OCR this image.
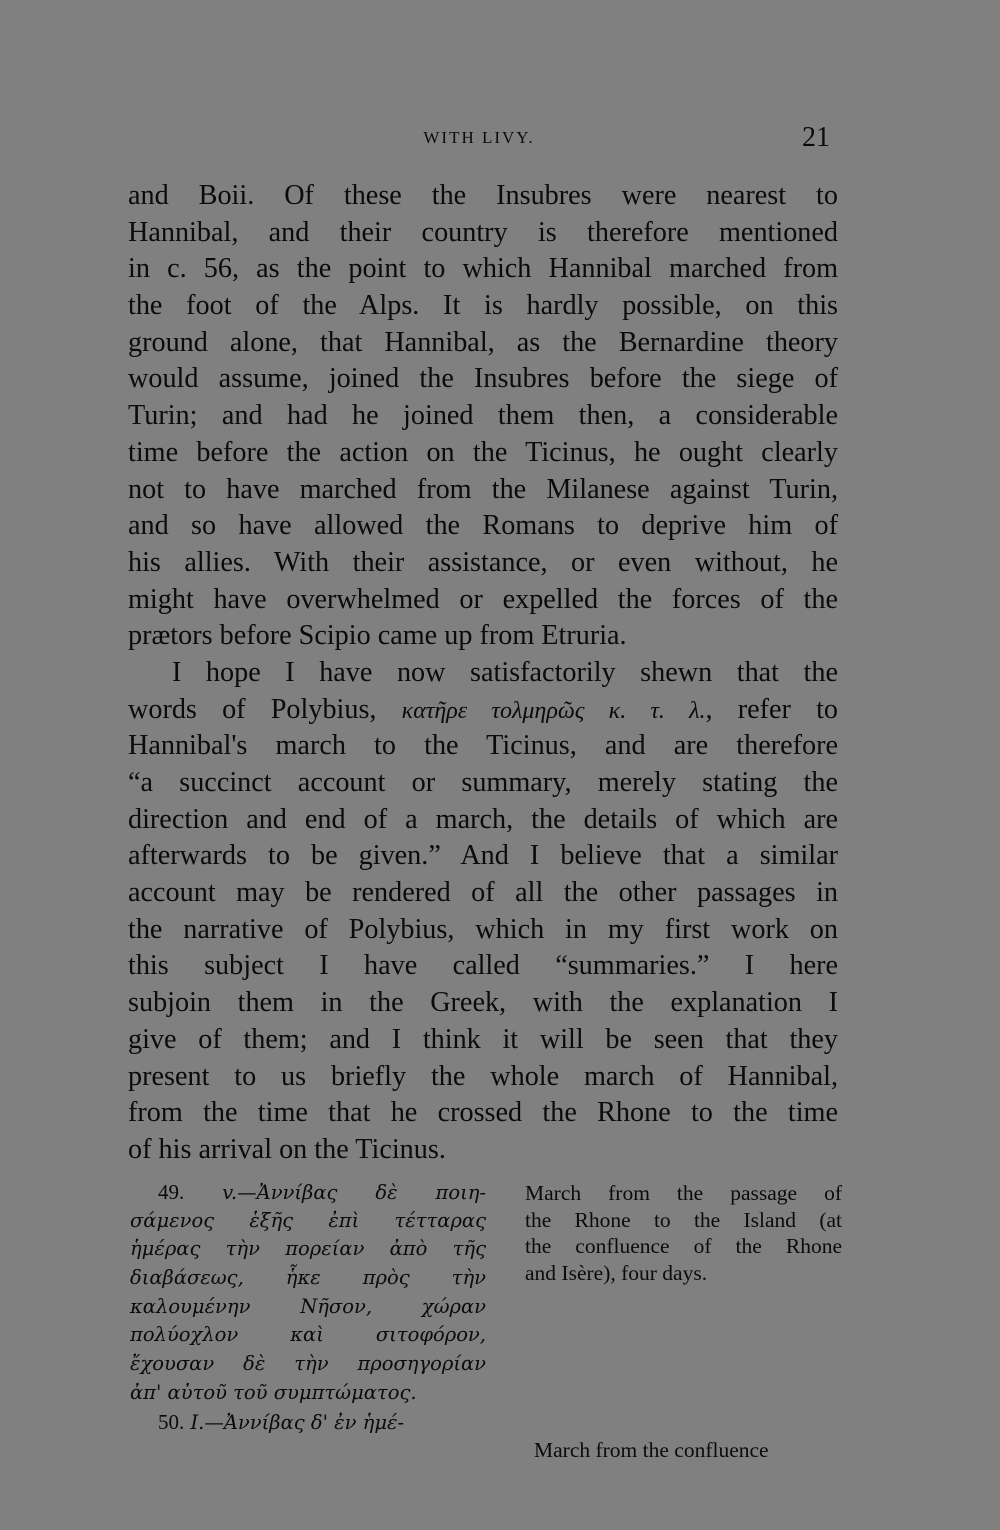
WITH LIVY.	21
and Boii. Of these the Insubres were nearest to
Hannibal, and their country is therefore mentioned
in c. 56, as the point to which Hannibal marched from
the foot of the Alps. It is hardly possible, on this
ground alone, that Hannibal, as the Bernardine theory
would assume, joined the Insubres before the siege of
Turin; and had he joined them then, a considerable
time before the action on the Ticinus, he ought clearly
not to have marched from the Milanese against Turin,
and so have allowed the Romans to deprive him of
his allies. With their assistance, or even without, he
might have overwhelmed or expelled the forces of the
prætors before Scipio came up from Etruria.
I hope I have now satisfactorily shewn that the
words of Polybius, κατῆρε τολμηρῶς κ. τ. λ., refer to
Hannibal's march to the Ticinus, and are therefore
“a succinct account or summary, merely stating the
direction and end of a march, the details of which are
afterwards to be given.” And I believe that a similar
account may be rendered of all the other passages in
the narrative of Polybius, which in my first work on
this subject I have called “summaries.” I here
subjoin them in the Greek, with the explanation I
give of them; and I think it will be seen that they
present to us briefly the whole march of Hannibal,
from the time that he crossed the Rhone to the time
of his arrival on the Ticinus.
49. v.—Ἀννίβας δὲ ποιη-
σάμενος ἑξῆς ἐπὶ τέτταρας
ἡμέρας τὴν πορείαν ἀπὸ τῆς
διαβάσεως, ἧκε πρὸς τὴν
καλουμένην Νῆσον, χώραν
πολύοχλον καὶ σιτοφόρον,
ἔχουσαν δὲ τὴν προσηγορίαν
ἀπ' αὐτοῦ τοῦ συμπτώματος.
50. I.—Ἀννίβας δ' ἐν ἡμέ-
March from the passage of
the Rhone to the Island (at
the confluence of the Rhone
and Isère), four days.
March from the confluence
